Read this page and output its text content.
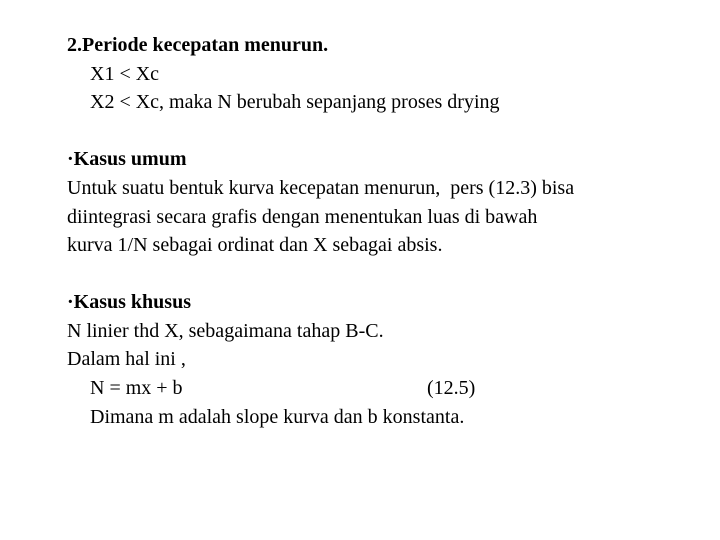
2.Periode kecepatan menurun.
X1 < Xc
X2 < Xc, maka N berubah sepanjang proses drying
·Kasus umum
Untuk suatu bentuk kurva kecepatan menurun,  pers (12.3) bisa
diintegrasi secara grafis dengan menentukan luas di bawah
kurva 1/N sebagai ordinat dan X sebagai absis.
·Kasus khusus
N linier thd X, sebagaimana tahap B-C.
Dalam hal ini ,
N = mx + b	(12.5)
Dimana m adalah slope kurva dan b konstanta.
